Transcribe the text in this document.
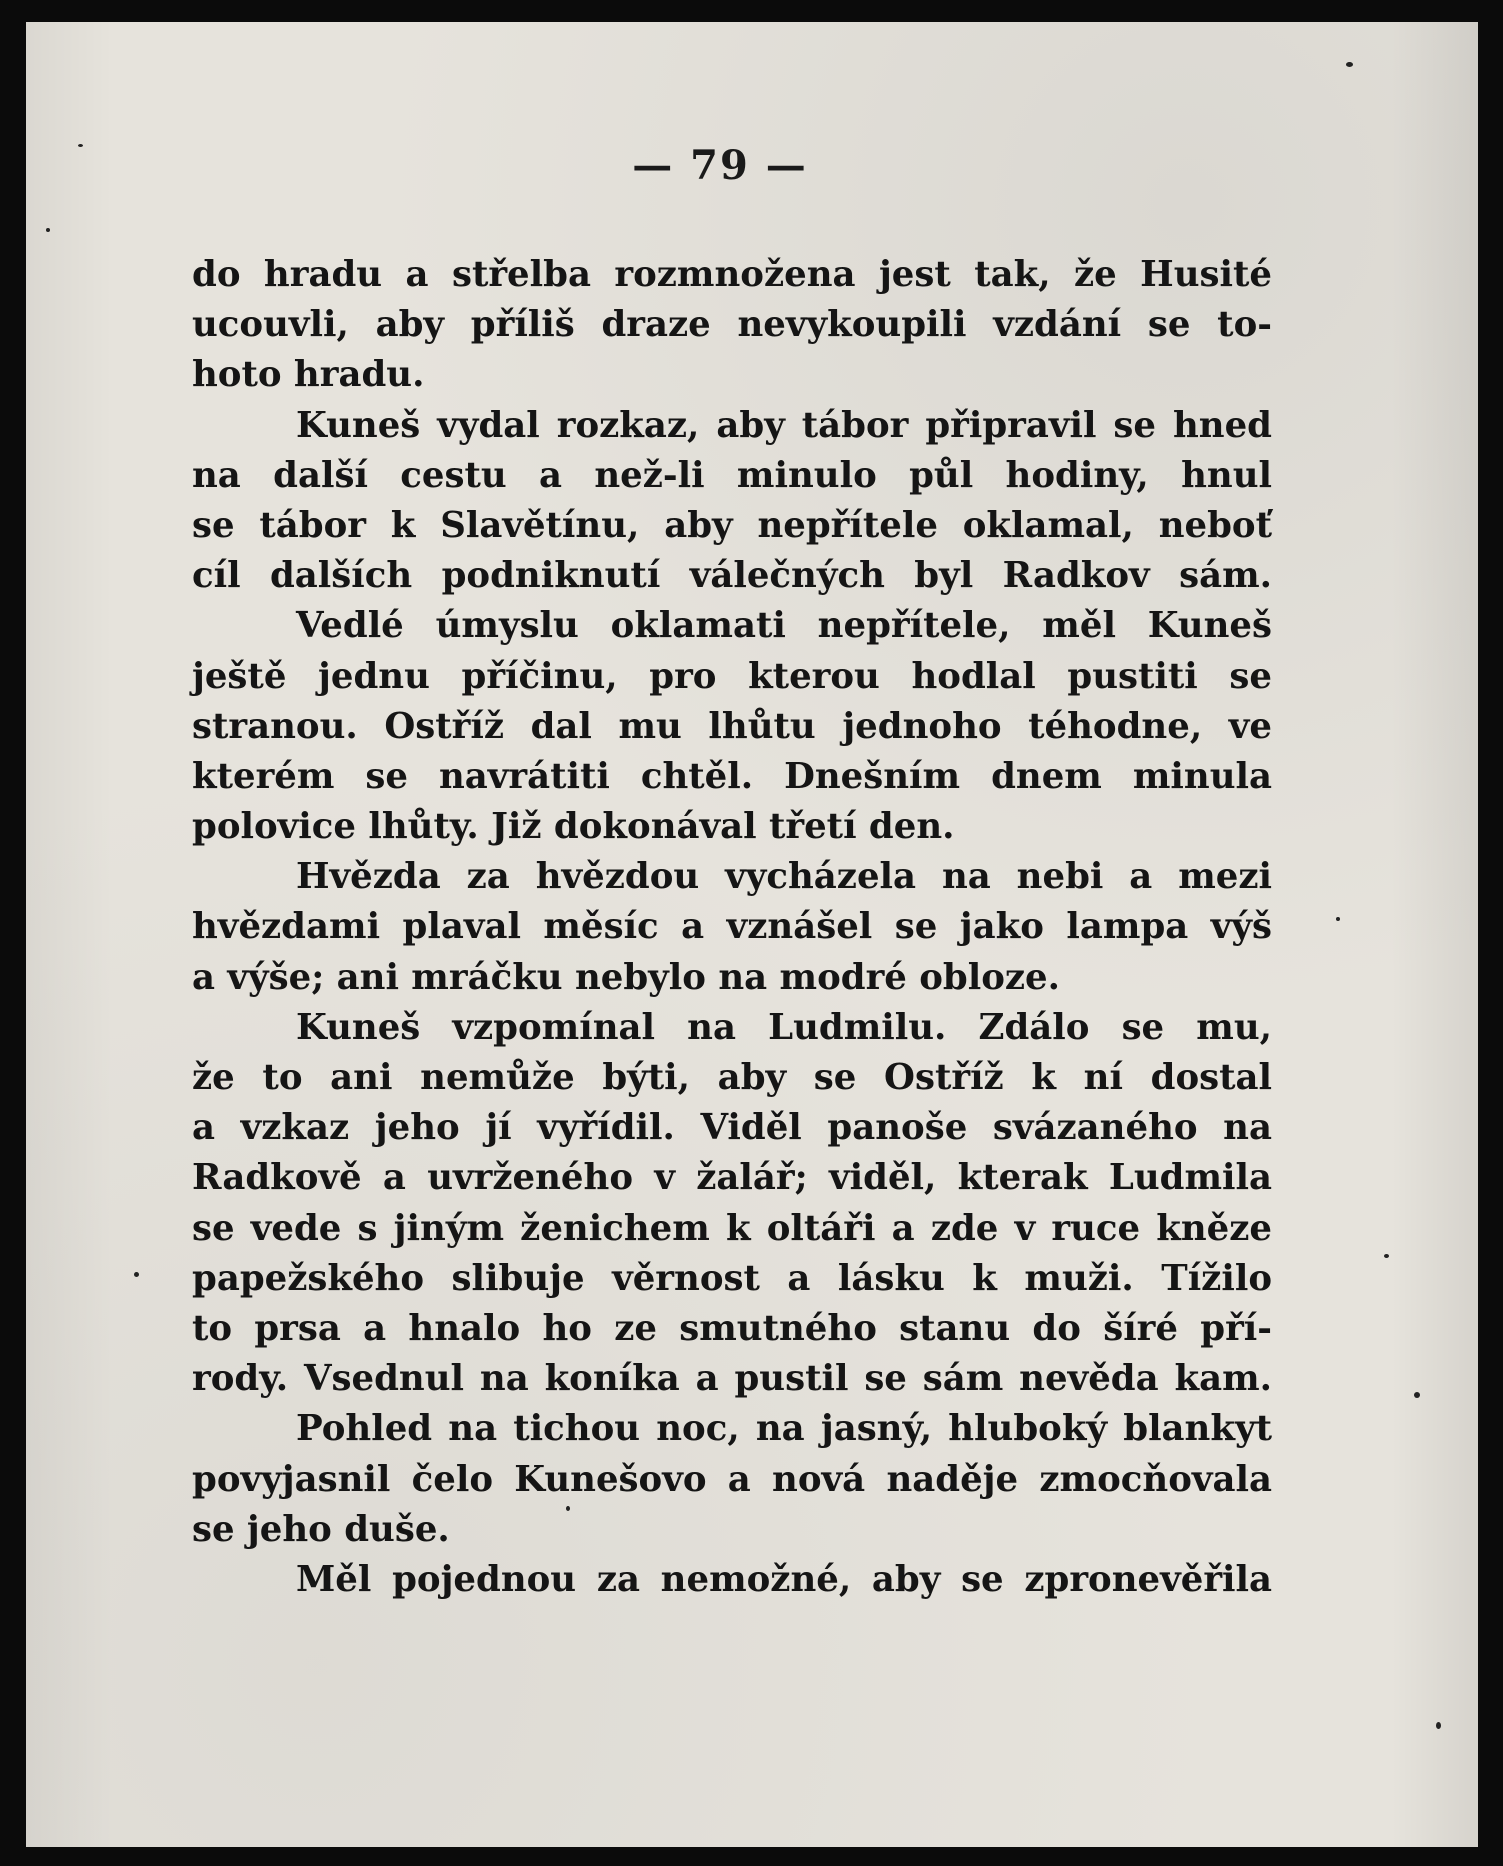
— 79 —
do hradu a střelba rozmnožena jest tak, že Husité
ucouvli, aby příliš draze nevykoupili vzdání se to-
hoto hradu.
Kuneš vydal rozkaz, aby tábor připravil se hned
na další cestu a než-li minulo půl hodiny, hnul
se tábor k Slavětínu, aby nepřítele oklamal, neboť
cíl dalších podniknutí válečných byl Radkov sám.
Vedlé úmyslu oklamati nepřítele, měl Kuneš
ještě jednu příčinu, pro kterou hodlal pustiti se
stranou. Ostříž dal mu lhůtu jednoho téhodne, ve
kterém se navrátiti chtěl. Dnešním dnem minula
polovice lhůty. Již dokonával třetí den.
Hvězda za hvězdou vycházela na nebi a mezi
hvězdami plaval měsíc a vznášel se jako lampa výš
a výše; ani mráčku nebylo na modré obloze.
Kuneš vzpomínal na Ludmilu. Zdálo se mu,
že to ani nemůže býti, aby se Ostříž k ní dostal
a vzkaz jeho jí vyřídil. Viděl panoše svázaného na
Radkově a uvrženého v žalář; viděl, kterak Ludmila
se vede s jiným ženichem k oltáři a zde v ruce kněze
papežského slibuje věrnost a lásku k muži. Tížilo
to prsa a hnalo ho ze smutného stanu do šíré pří-
rody. Vsednul na koníka a pustil se sám nevěda kam.
Pohled na tichou noc, na jasný, hluboký blankyt
povyjasnil čelo Kunešovo a nová naděje zmocňovala
se jeho duše.
Měl pojednou za nemožné, aby se zpronevěřila
